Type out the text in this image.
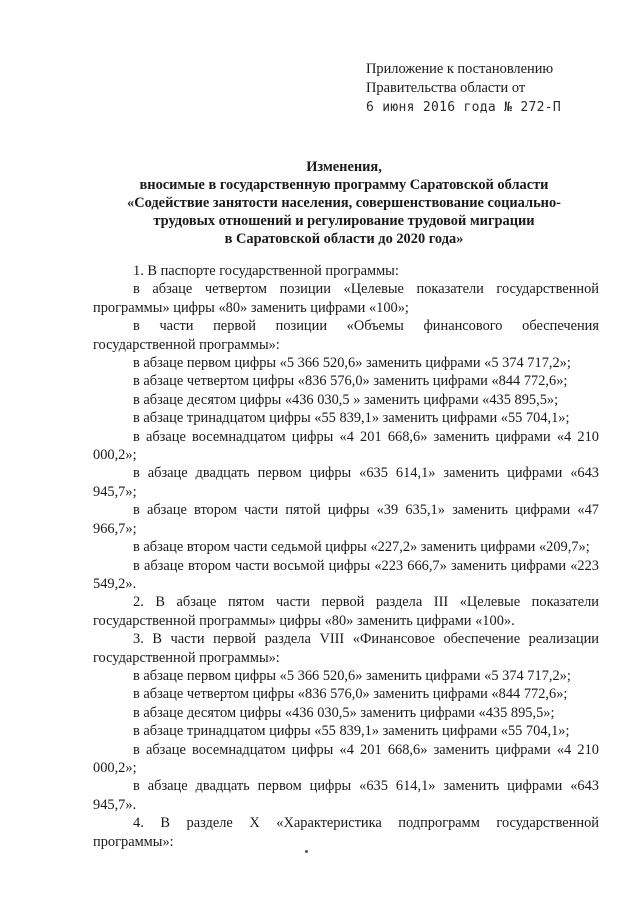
Приложение к постановлению
Правительства области от
6 июня 2016 года № 272-П
Изменения,
вносимые в государственную программу Саратовской области
«Содействие занятости населения, совершенствование социально-
трудовых отношений и регулирование трудовой миграции
в Саратовской области до 2020 года»

1. В паспорте государственной программы:

в абзаце четвертом позиции «Целевые показатели государственной программы» цифры «80» заменить цифрами «100»;

в части первой позиции «Объемы финансового обеспечения государственной программы»:

в абзаце первом цифры «5 366 520,6» заменить цифрами «5 374 717,2»;

в абзаце четвертом цифры «836 576,0» заменить цифрами «844 772,6»;

в абзаце десятом цифры «436 030,5 » заменить цифрами «435 895,5»;

в абзаце тринадцатом цифры «55 839,1» заменить цифрами «55 704,1»;

в абзаце восемнадцатом цифры «4 201 668,6» заменить цифрами «4 210 000,2»;

в абзаце двадцать первом цифры «635 614,1» заменить цифрами «643 945,7»;

в абзаце втором части пятой цифры «39 635,1» заменить цифрами «47 966,7»;

в абзаце втором части седьмой цифры «227,2» заменить цифрами «209,7»;

в абзаце втором части восьмой цифры «223 666,7» заменить цифрами «223 549,2».

2. В абзаце пятом части первой раздела III «Целевые показатели государственной программы» цифры «80» заменить цифрами «100».

3. В части первой раздела VIII «Финансовое обеспечение реализации государственной программы»:

в абзаце первом цифры «5 366 520,6» заменить цифрами «5 374 717,2»;

в абзаце четвертом цифры «836 576,0» заменить цифрами «844 772,6»;

в абзаце десятом цифры «436 030,5» заменить цифрами «435 895,5»;

в абзаце тринадцатом цифры «55 839,1» заменить цифрами «55 704,1»;

в абзаце восемнадцатом цифры «4 201 668,6» заменить цифрами «4 210 000,2»;

в абзаце двадцать первом цифры «635 614,1» заменить цифрами «643 945,7».

4. В разделе Х «Характеристика подпрограмм государственной программы»:
